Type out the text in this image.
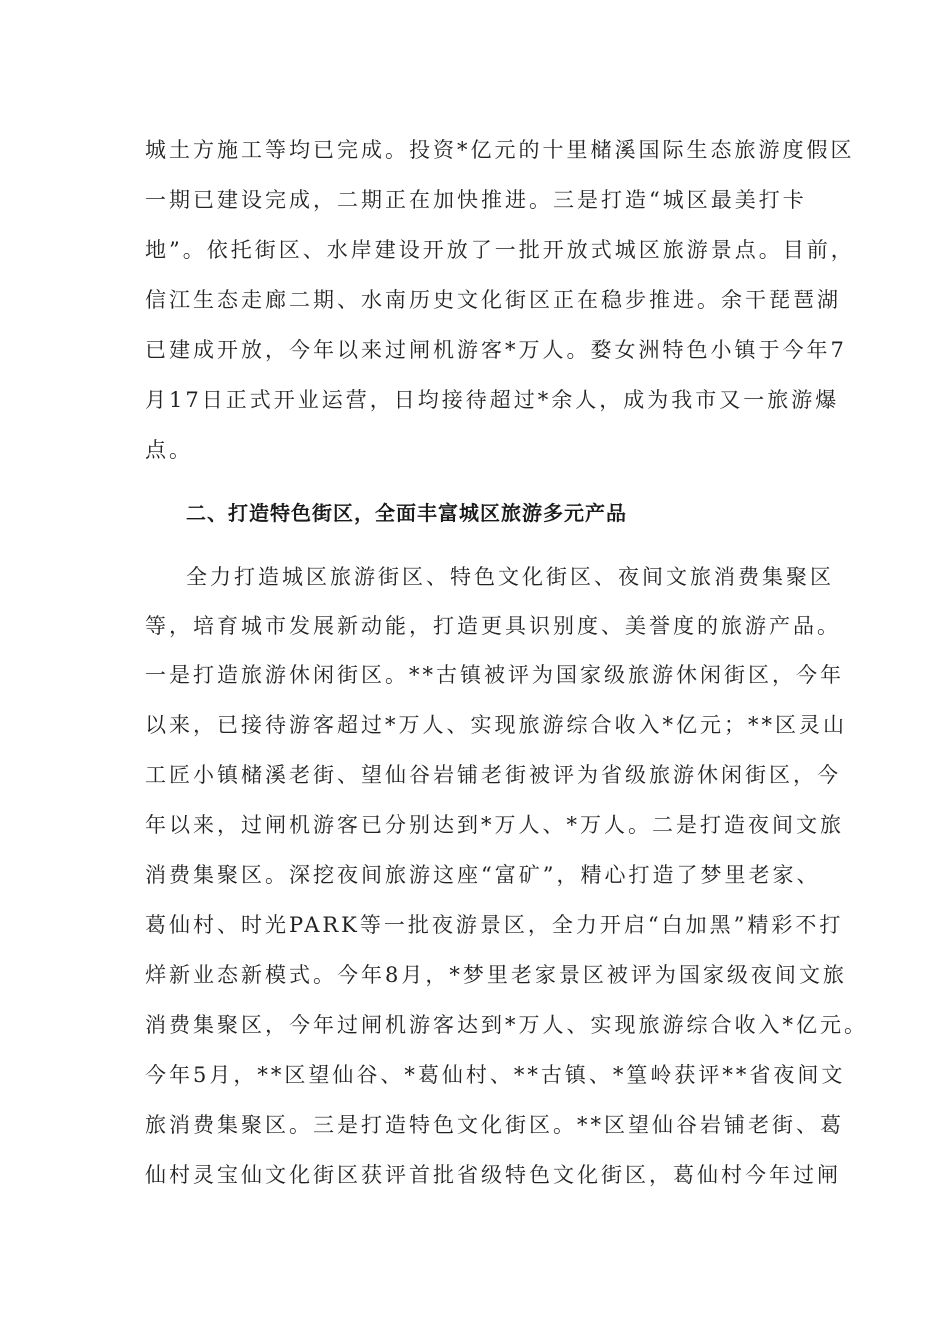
城土方施工等均已完成。投资*亿元的十里槠溪国际生态旅游度假区
一期已建设完成，二期正在加快推进。三是打造“城区最美打卡
地”。依托街区、水岸建设开放了一批开放式城区旅游景点。目前，
信江生态走廊二期、水南历史文化街区正在稳步推进。余干琵琶湖
已建成开放，今年以来过闸机游客*万人。婺女洲特色小镇于今年7
月17日正式开业运营，日均接待超过*余人，成为我市又一旅游爆
点。
二、打造特色街区，全面丰富城区旅游多元产品
全力打造城区旅游街区、特色文化街区、夜间文旅消费集聚区
等，培育城市发展新动能，打造更具识别度、美誉度的旅游产品。
一是打造旅游休闲街区。**古镇被评为国家级旅游休闲街区，今年
以来，已接待游客超过*万人、实现旅游综合收入*亿元；**区灵山
工匠小镇槠溪老街、望仙谷岩铺老街被评为省级旅游休闲街区，今
年以来，过闸机游客已分别达到*万人、*万人。二是打造夜间文旅
消费集聚区。深挖夜间旅游这座“富矿”，精心打造了梦里老家、
葛仙村、时光PARK等一批夜游景区，全力开启“白加黑”精彩不打
烊新业态新模式。今年8月，*梦里老家景区被评为国家级夜间文旅
消费集聚区，今年过闸机游客达到*万人、实现旅游综合收入*亿元。
今年5月，**区望仙谷、*葛仙村、**古镇、*篁岭获评**省夜间文
旅消费集聚区。三是打造特色文化街区。**区望仙谷岩铺老街、葛
仙村灵宝仙文化街区获评首批省级特色文化街区，葛仙村今年过闸
